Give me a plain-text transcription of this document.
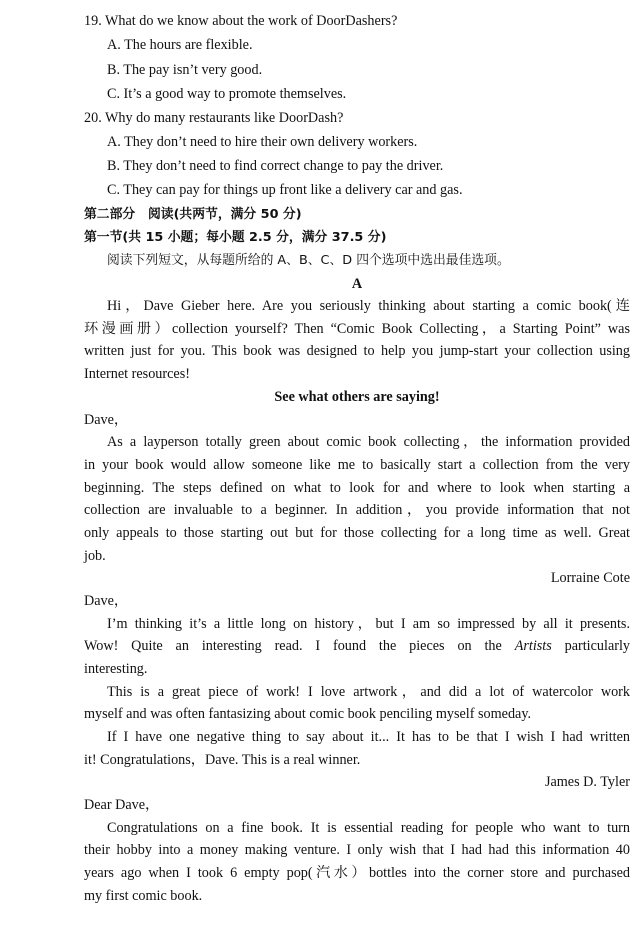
19. What do we know about the work of DoorDashers?
A. The hours are flexible.
B. The pay isn’t very good.
C. It’s a good way to promote themselves.
20. Why do many restaurants like DoorDash?
A. They don’t need to hire their own delivery workers.
B. They don’t need to find correct change to pay the driver.
C. They can pay for things up front like a delivery car and gas.
第二部分　阅读(共两节，满分 50 分)
第一节(共 15 小题；每小题 2.5 分，满分 37.5 分)
阅读下列短文，从每题所给的 A、B、C、D 四个选项中选出最佳选项。
A
Hi，Dave Gieber here. Are you seriously thinking about starting a comic book(连
环漫画册）collection yourself? Then “Comic Book Collecting，a Starting Point” was
written just for you. This book was designed to help you jump-start your collection using
Internet resources!
See what others are saying!
Dave，
As a layperson totally green about comic book collecting，the information provided
in your book would allow someone like me to basically start a collection from the very
beginning. The steps defined on what to look for and where to look when starting a
collection are invaluable to a beginner. In addition，you provide information that not
only appeals to those starting out but for those collecting for a long time as well. Great
job.
Lorraine Cote
Dave，
I’m thinking it’s a little long on history，but I am so impressed by all it presents.
Wow! Quite an interesting read. I found the pieces on the Artists particularly
interesting.
This is a great piece of work! I love artwork，and did a lot of watercolor work
myself and was often fantasizing about comic book penciling myself someday.
If I have one negative thing to say about it... It has to be that I wish I had written
it! Congratulations，Dave. This is a real winner.
James D. Tyler
Dear Dave，
Congratulations on a fine book. It is essential reading for people who want to turn
their hobby into a money making venture. I only wish that I had had this information 40
years ago when I took 6 empty pop(汽水）bottles into the corner store and purchased
my first comic book.
